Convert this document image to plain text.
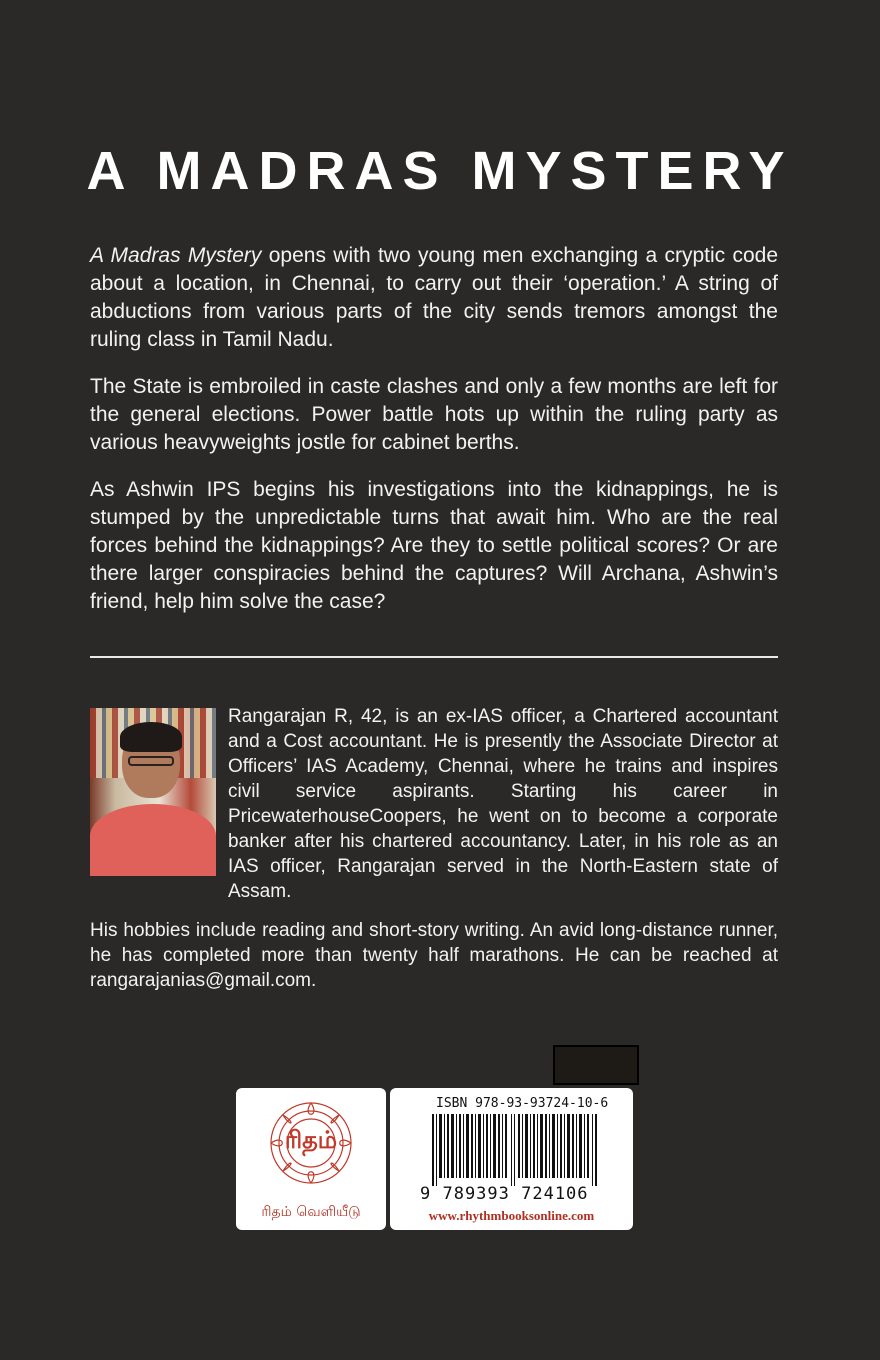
A MADRAS MYSTERY

A Madras Mystery opens with two young men exchanging a cryptic code about a location, in Chennai, to carry out their ‘operation.’ A string of abductions from various parts of the city sends tremors amongst the ruling class in Tamil Nadu.

The State is embroiled in caste clashes and only a few months are left for the general elections. Power battle hots up within the ruling party as various heavyweights jostle for cabinet berths.

As Ashwin IPS begins his investigations into the kidnappings, he is stumped by the unpredictable turns that await him. Who are the real forces behind the kidnappings? Are they to settle political scores? Or are there larger conspiracies behind the captures? Will Archana, Ashwin’s friend, help him solve the case?

Rangarajan R, 42, is an ex-IAS officer, a Chartered accountant and a Cost accountant. He is presently the Associate Director at Officers’ IAS Academy, Chennai, where he trains and inspires civil service aspirants. Starting his career in PricewaterhouseCoopers, he went on to become a corporate banker after his chartered accountancy. Later, in his role as an IAS officer, Rangarajan served in the North-Eastern state of Assam.

His hobbies include reading and short-story writing. An avid long-distance runner, he has completed more than twenty half marathons. He can be reached at rangarajanias@gmail.com.

ரிதம்
ரிதம் வெளியீடு
ISBN 978-93-93724-10-6
9 789393 724106
www.rhythmbooksonline.com
